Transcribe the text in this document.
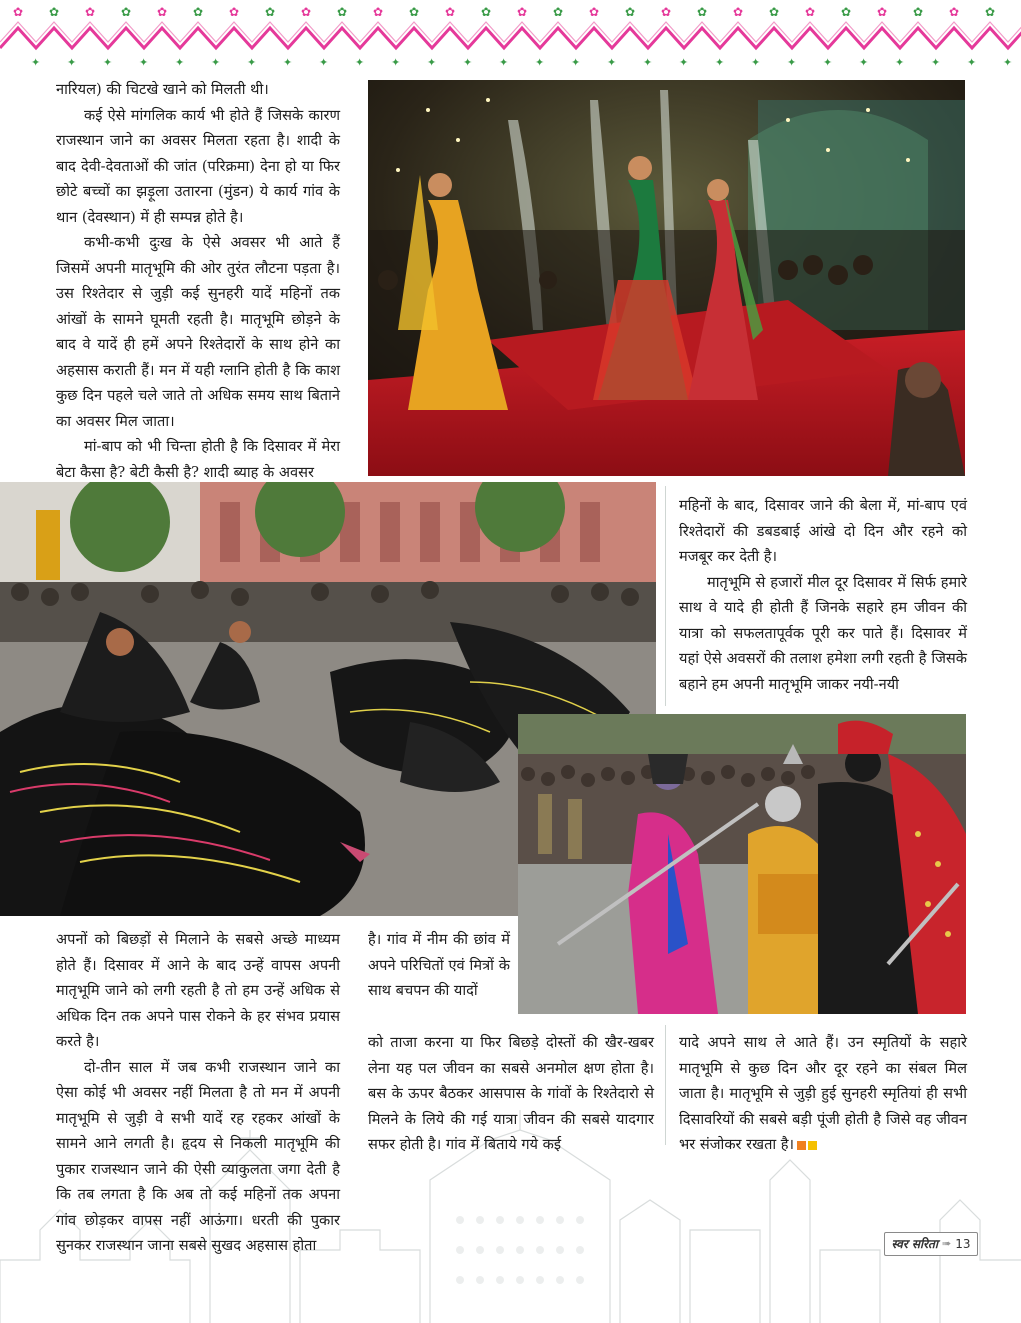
✿
✦
✿
✦
✿
✦
✿
✦
✿
✦
✿
✦
✿
✦
✿
✦
✿
✦
✿
✦
✿
✦
✿
✦
✿
✦
✿
✦
✿
✦
✿
✦
✿
✦
✿
✦
✿
✦
✿
✦
✿
✦
✿
✦
✿
✦
✿
✦
✿
✦
✿
✦
✿
✦
✿
✦

नारियल) की चिटखे खाने को मिलती थी।

कई ऐसे मांगलिक कार्य भी होते हैं जिसके कारण राजस्थान जाने का अवसर मिलता रहता है। शादी के बाद देवी-देवताओं की जांत (परिक्रमा) देना हो या फिर छोटे बच्चों का झड़ूला उतारना (मुंडन) ये कार्य गांव के थान (देवस्थान) में ही सम्पन्न होते है।

कभी-कभी दुःख के ऐसे अवसर भी आते हैं जिसमें अपनी मातृभूमि की ओर तुरंत लौटना पड़ता है। उस रिश्तेदार से जुड़ी कई सुनहरी यादें महिनों तक आंखों के सामने घूमती रहती है। मातृभूमि छोड़ने के बाद वे यादें ही हमें अपने रिश्तेदारों के साथ होने का अहसास कराती हैं। मन में यही ग्लानि होती है कि काश कुछ दिन पहले चले जाते तो अधिक समय साथ बिताने का अवसर मिल जाता।

मां-बाप को भी चिन्ता होती है कि दिसावर में मेरा बेटा कैसा है? बेटी कैसी है? शादी ब्याह के अवसर

महिनों के बाद, दिसावर जाने की बेला में, मां-बाप एवं रिश्तेदारों की डबडबाई आंखे दो दिन और रहने को मजबूर कर देती है।

मातृभूमि से हजारों मील दूर दिसावर में सिर्फ हमारे साथ वे यादे ही होती हैं जिनके सहारे हम जीवन की यात्रा को सफलतापूर्वक पूरी कर पाते हैं। दिसावर में यहां ऐसे अवसरों की तलाश हमेशा लगी रहती है जिसके बहाने हम अपनी मातृभूमि जाकर नयी-नयी

अपनों को बिछड़ों से मिलाने के सबसे अच्छे माध्यम होते हैं। दिसावर में आने के बाद उन्हें वापस अपनी मातृभूमि जाने को लगी रहती है तो हम उन्हें अधिक से अधिक दिन तक अपने पास रोकने के हर संभव प्रयास करते है।

दो-तीन साल में जब कभी राजस्थान जाने का ऐसा कोई भी अवसर नहीं मिलता है तो मन में अपनी मातृभूमि से जुड़ी वे सभी यादें रह रहकर आंखों के सामने आने लगती है। हृदय से निकली मातृभूमि की पुकार राजस्थान जाने की ऐसी व्याकुलता जगा देती है कि तब लगता है कि अब तो कई महिनों तक अपना गांव छोड़कर वापस नहीं आऊंगा। धरती की पुकार सुनकर राजस्थान जाना सबसे सुखद अहसास होता

है। गांव में नीम की छांव में अपने परिचितों एवं मित्रों के साथ बचपन की यादों

को ताजा करना या फिर बिछड़े दोस्तों की खैर-खबर लेना यह पल जीवन का सबसे अनमोल क्षण होता है। बस के ऊपर बैठकर आसपास के गांवों के रिश्तेदारो से मिलने के लिये की गई यात्रा जीवन की सबसे यादगार सफर होती है। गांव में बिताये गये कई

यादे अपने साथ ले आते हैं। उन स्मृतियों के सहारे मातृभूमि से कुछ दिन और दूर रहने का संबल मिल जाता है। मातृभूमि से जुड़ी हुई सुनहरी स्मृतियां ही सभी दिसावरियों की सबसे बड़ी पूंजी होती है जिसे वह जीवन भर संजोकर रखता है।

स्वर सरिता ➠ 13
